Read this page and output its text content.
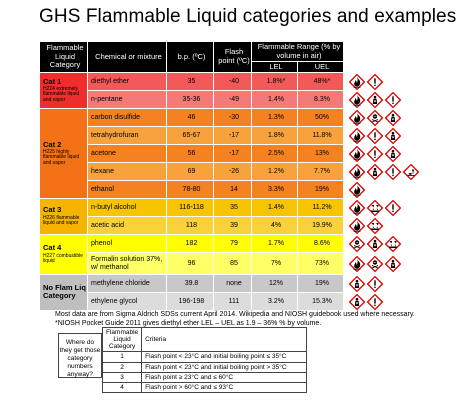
GHS Flammable Liquid categories and examples
Flammable Liquid Category	Chemical or mixture	b.p. (ºC)	Flash point (ºC)	Flammable Range (% by volume in air)		
				LEL	UEL	

Cat 1
H224 extremely flammable liquid and vapor	diethyl ether	35	-40	1.8%*	48%*	

	n-pentane	35-36	-49	1.4%	8.3%	

Cat 2
H225 highly flammable liquid and vapor	carbon disulfide	46	-30	1.3%	50%	

	tetrahydrofuran	65-67	-17	1.8%	11.8%	

	acetone	56	-17	2.5%	13%	

	hexane	69	-26	1.2%	7.7%	

	ethanol	78-80	14	3.3%	19%	

Cat 3
H226 flammable liquid and vapor	n-butyl alcohol	116-118	35	1.4%	11.2%	

	acetic acid	118	39	4%	19.9%	

Cat 4
H227 combustible liquid	phenol	182	79	1.7%	8.6%	

	Formalin solution 37%, w/ methanol	96	85	7%	73%	

No Flam Liq Category	methylene chloride	39.8	none	12%	19%	

	ethylene glycol	196-198	111	3.2%	15.3%	
Most data are from Sigma Aldrich SDSs current April 2014. Wikipedia and NIOSH guidebook used where necessary.
*NIOSH Pocket Guide 2011 gives diethyl ether LEL – UEL as 1.9 – 36% % by volume.
Where do they get those category numbers anyway?
Flammable Liquid Category	Criteria
1	Flash point < 23°C and initial boiling point ≤ 35°C
2	Flash point < 23°C and initial boiling point > 35°C
3	Flash point ≥ 23°C and ≤ 60°C
4	Flash point > 60°C and ≤ 93°C
